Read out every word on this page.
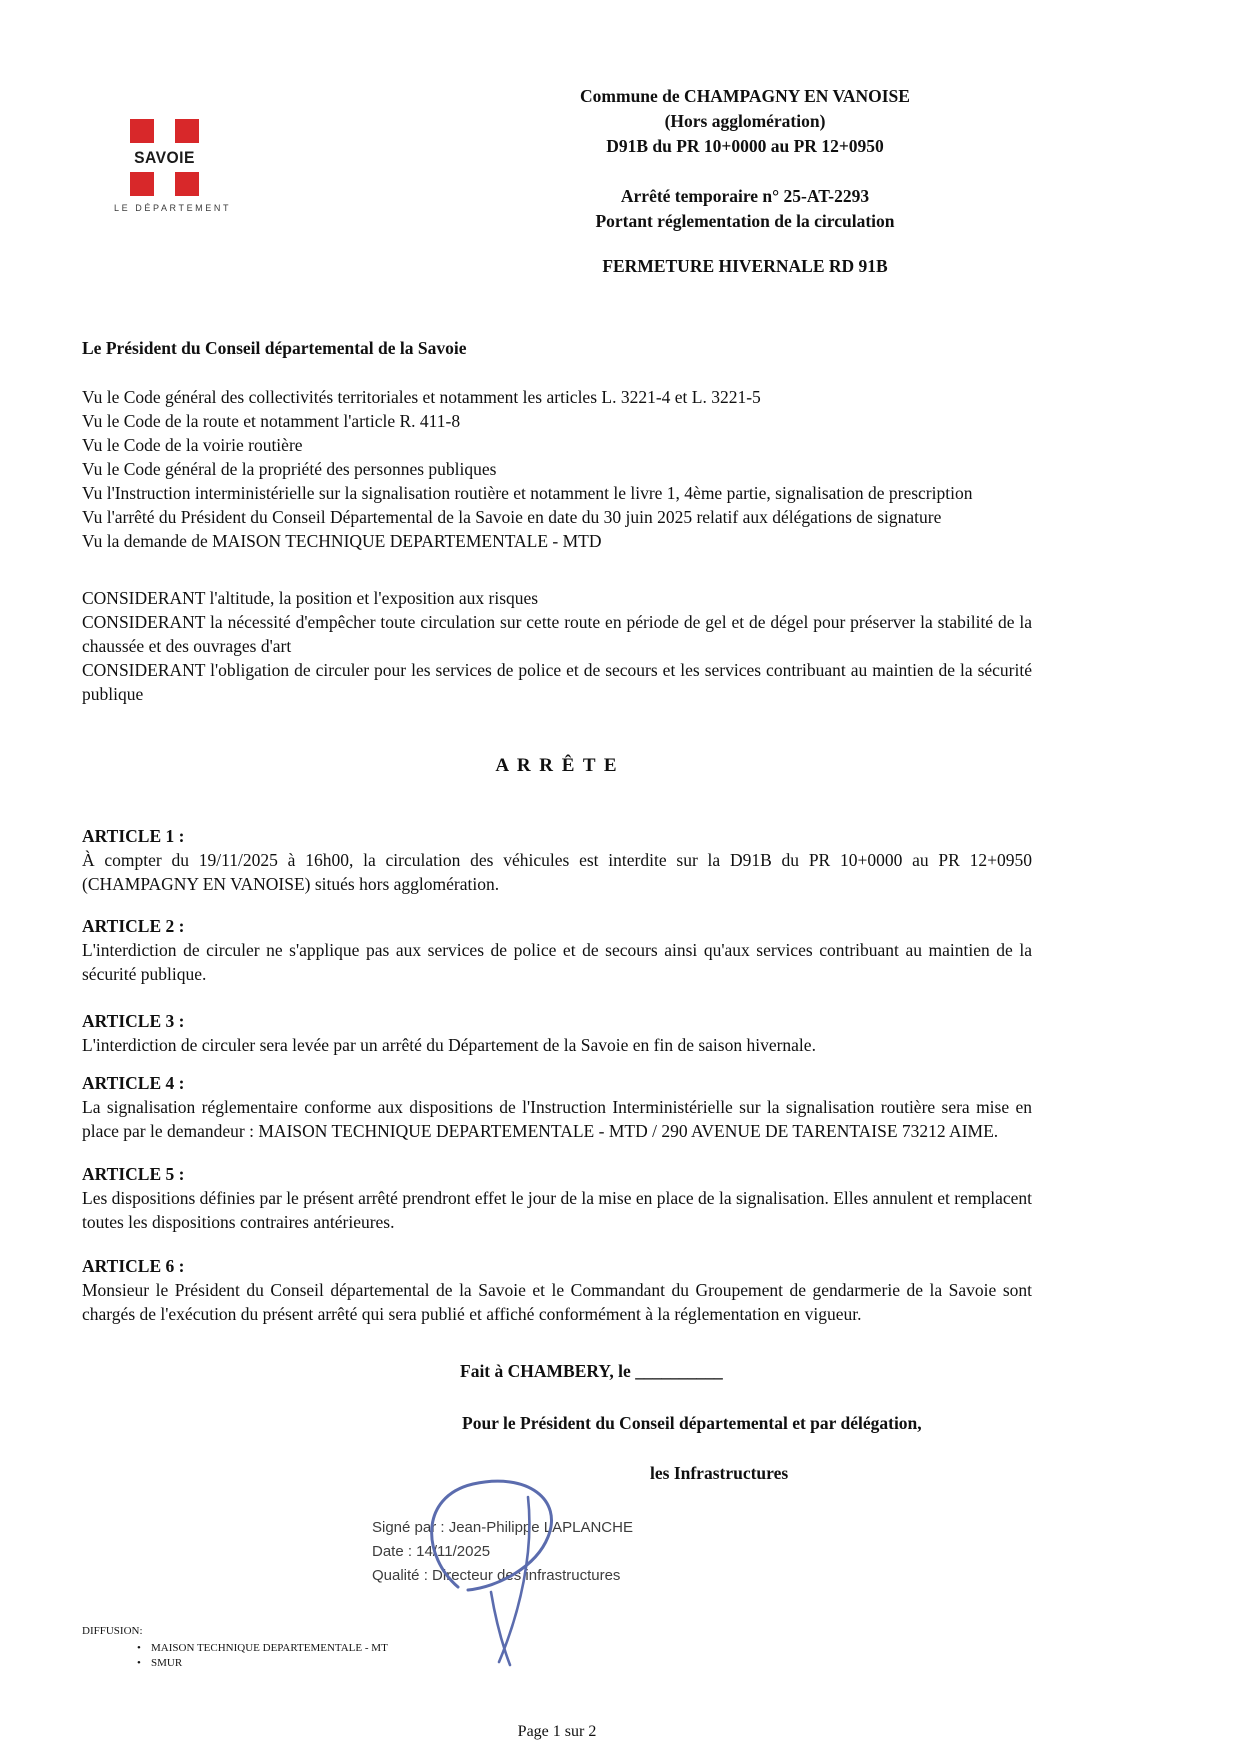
SAVOIE
LE DÉPARTEMENT
Commune de CHAMPAGNY EN VANOISE
(Hors agglomération)
D91B du PR 10+0000 au PR 12+0950
Arrêté temporaire n° 25-AT-2293
Portant réglementation de la circulation
FERMETURE HIVERNALE RD 91B

Le Président du Conseil départemental de la Savoie

Vu le Code général des collectivités territoriales et notamment les articles L. 3221-4 et L. 3221-5
Vu le Code de la route et notamment l'article R. 411-8
Vu le Code de la voirie routière
Vu le Code général de la propriété des personnes publiques
Vu l'Instruction interministérielle sur la signalisation routière et notamment le livre 1, 4ème partie, signalisation de prescription
Vu l'arrêté du Président du Conseil Départemental de la Savoie en date du 30 juin 2025 relatif aux délégations de signature
Vu la demande de MAISON TECHNIQUE DEPARTEMENTALE - MTD

CONSIDERANT l'altitude, la position et l'exposition aux risques

CONSIDERANT la nécessité d'empêcher toute circulation sur cette route en période de gel et de dégel pour préserver la stabilité de la chaussée et des ouvrages d'art

CONSIDERANT l'obligation de circuler pour les services de police et de secours et les services contribuant au maintien de la sécurité publique

A R R Ê T E
ARTICLE 1 :

À compter du 19/11/2025 à 16h00, la circulation des véhicules est interdite sur la D91B du PR 10+0000 au PR 12+0950 (CHAMPAGNY EN VANOISE) situés hors agglomération.

ARTICLE 2 :

L'interdiction de circuler ne s'applique pas aux services de police et de secours ainsi qu'aux services contribuant au maintien de la sécurité publique.

ARTICLE 3 :

L'interdiction de circuler sera levée par un arrêté du Département de la Savoie en fin de saison hivernale.

ARTICLE 4 :

La signalisation réglementaire conforme aux dispositions de l'Instruction Interministérielle sur la signalisation routière sera mise en place par le demandeur : MAISON TECHNIQUE DEPARTEMENTALE - MTD / 290 AVENUE DE TARENTAISE 73212 AIME.

ARTICLE 5 :

Les dispositions définies par le présent arrêté prendront effet le jour de la mise en place de la signalisation. Elles annulent et remplacent toutes les dispositions contraires antérieures.

ARTICLE 6 :

Monsieur le Président du Conseil départemental de la Savoie et le Commandant du Groupement de gendarmerie de la Savoie sont chargés de l'exécution du présent arrêté qui sera publié et affiché conformément à la réglementation en vigueur.

Fait à CHAMBERY, le __________

Pour le Président du Conseil départemental et par délégation,

les Infrastructures

Signé par : Jean-Philippe LAPLANCHE
Date : 14/11/2025
Qualité : Directeur des infrastructures
DIFFUSION:
• MAISON TECHNIQUE DEPARTEMENTALE - MT
• SMUR
Page 1 sur 2
